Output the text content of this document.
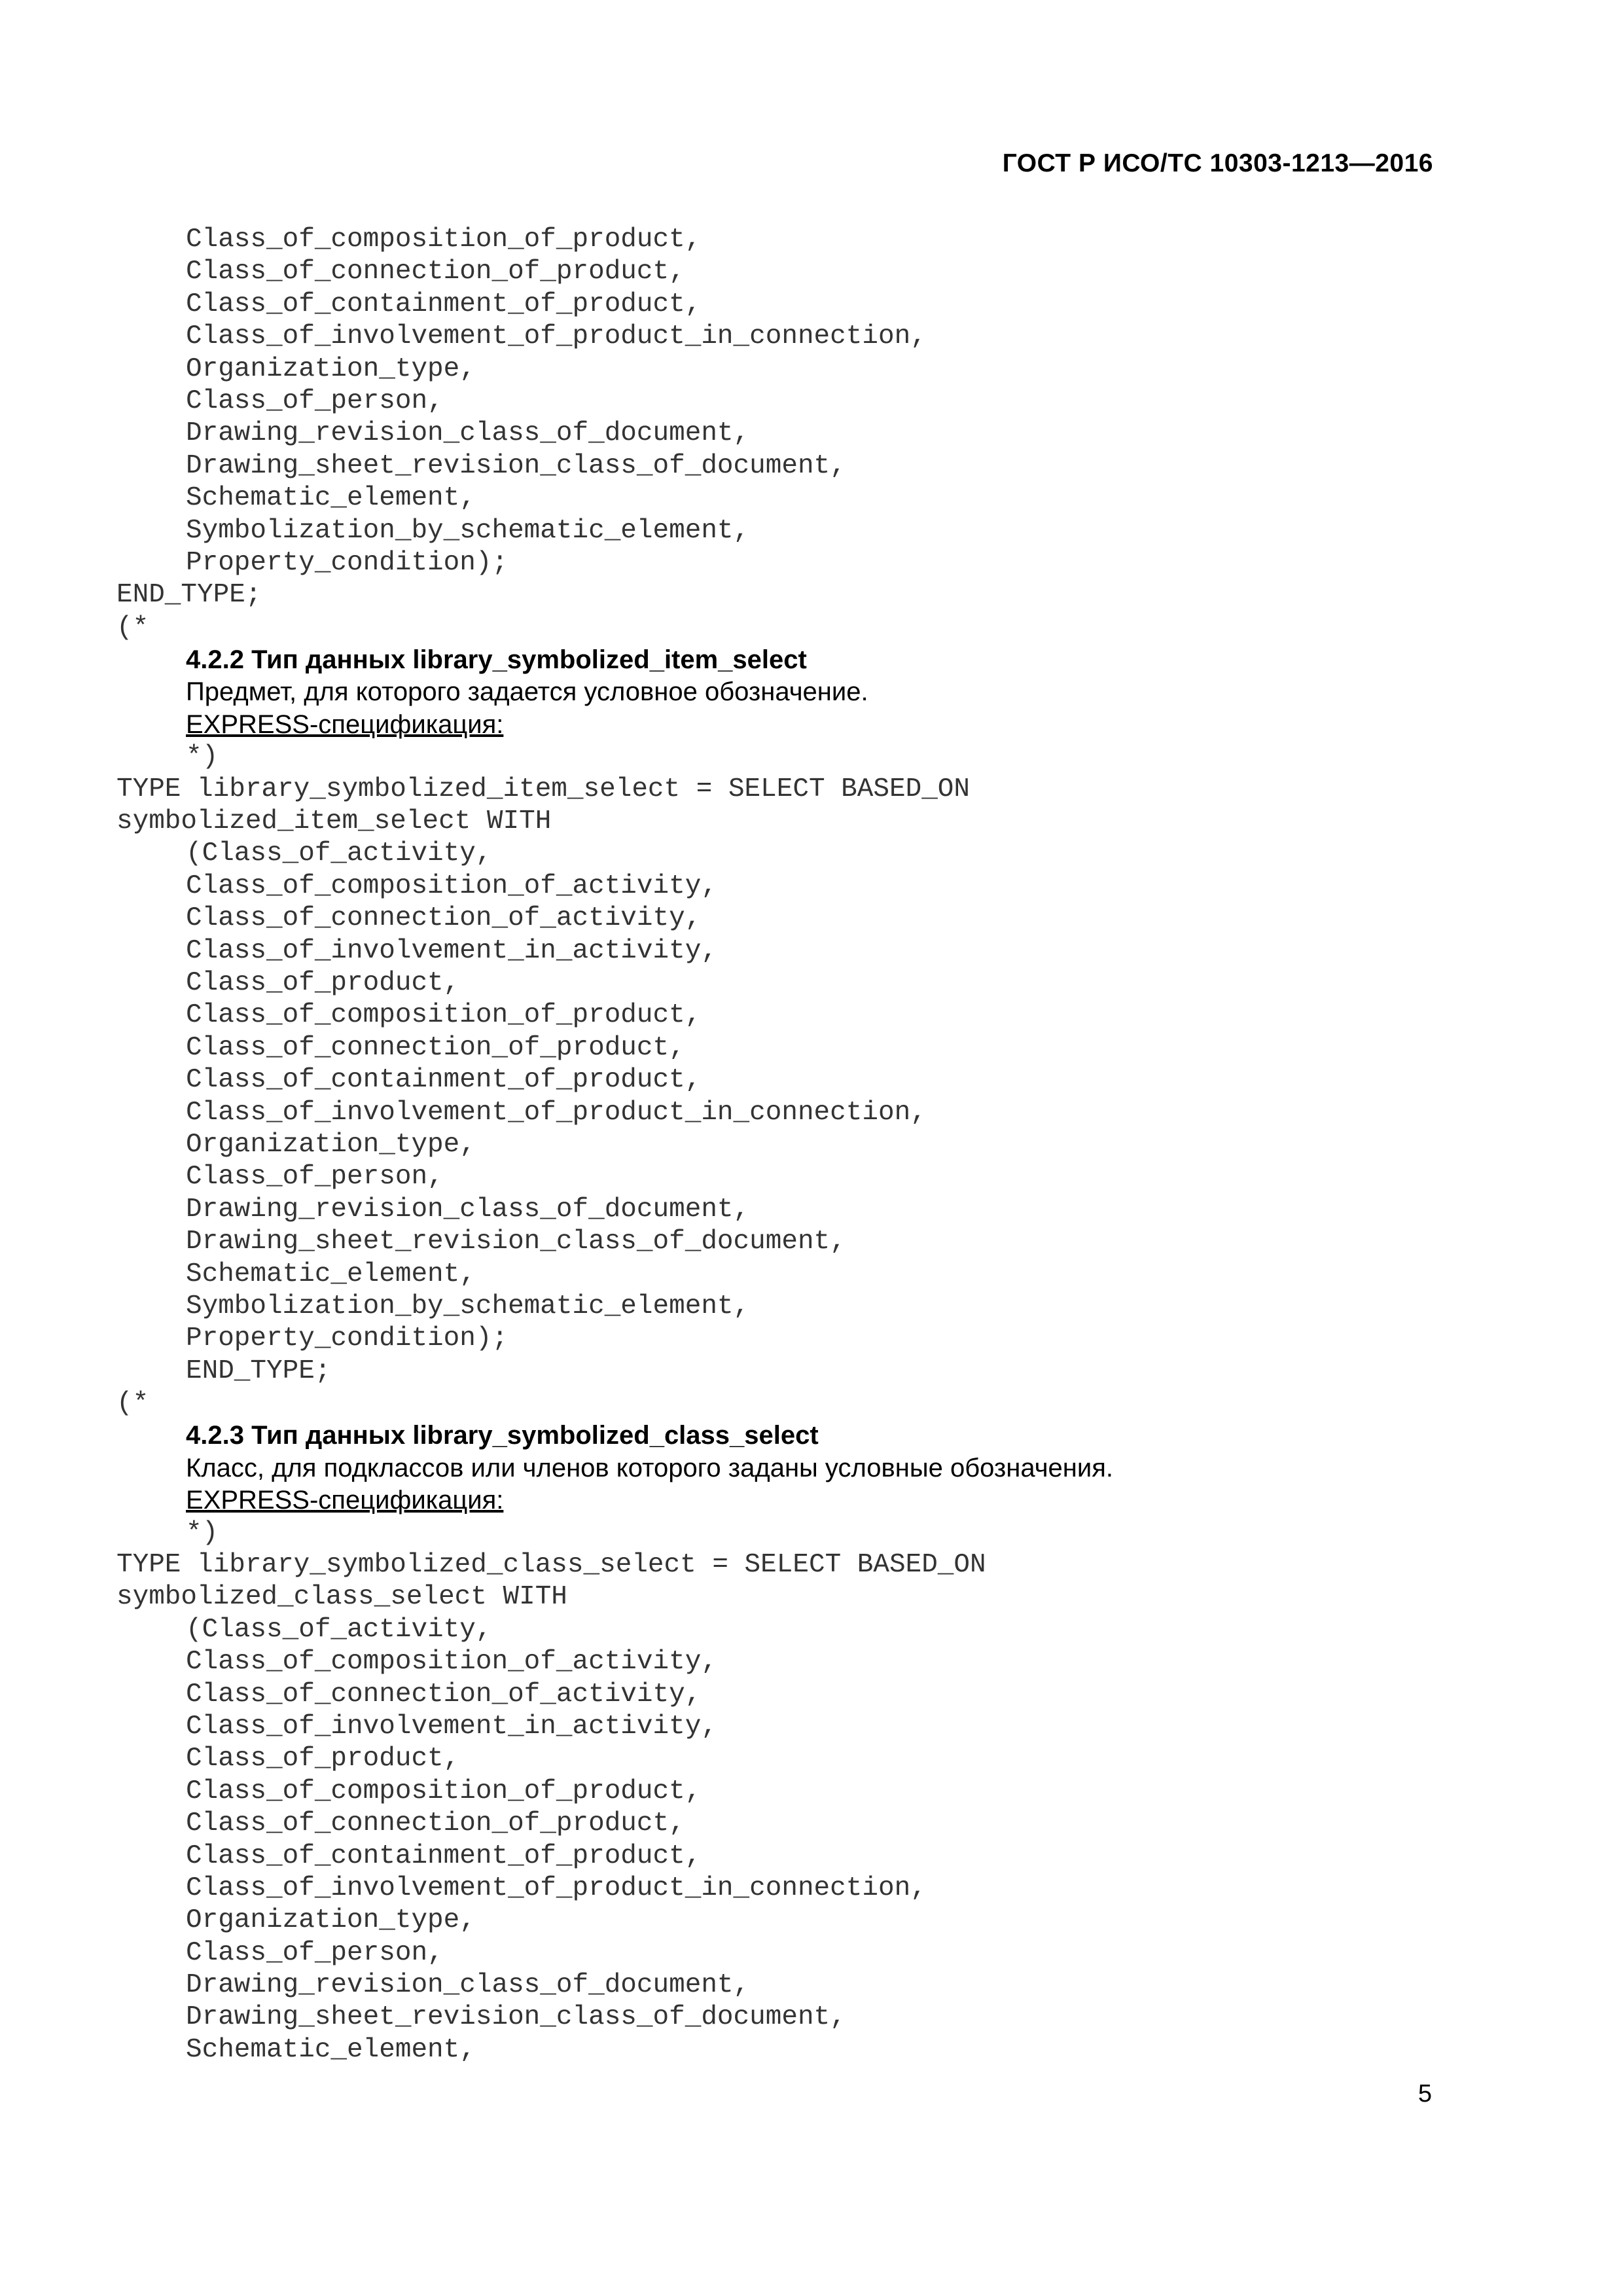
ГОСТ Р ИСО/ТС 10303-1213—2016
Class_of_composition_of_product,
Class_of_connection_of_product,
Class_of_containment_of_product,
Class_of_involvement_of_product_in_connection,
Organization_type,
Class_of_person,
Drawing_revision_class_of_document,
Drawing_sheet_revision_class_of_document,
Schematic_element,
Symbolization_by_schematic_element,
Property_condition);
END_TYPE;
(*
4.2.2 Тип данных library_symbolized_item_select
Предмет, для которого задается условное обозначение.
EXPRESS-спецификация:
*)
TYPE library_symbolized_item_select = SELECT BASED_ON
symbolized_item_select WITH
(Class_of_activity,
Class_of_composition_of_activity,
Class_of_connection_of_activity,
Class_of_involvement_in_activity,
Class_of_product,
Class_of_composition_of_product,
Class_of_connection_of_product,
Class_of_containment_of_product,
Class_of_involvement_of_product_in_connection,
Organization_type,
Class_of_person,
Drawing_revision_class_of_document,
Drawing_sheet_revision_class_of_document,
Schematic_element,
Symbolization_by_schematic_element,
Property_condition);
END_TYPE;
(*
4.2.3 Тип данных library_symbolized_class_select
Класс, для подклассов или членов которого заданы условные обозначения.
EXPRESS-спецификация:
*)
TYPE library_symbolized_class_select = SELECT BASED_ON
symbolized_class_select WITH
(Class_of_activity,
Class_of_composition_of_activity,
Class_of_connection_of_activity,
Class_of_involvement_in_activity,
Class_of_product,
Class_of_composition_of_product,
Class_of_connection_of_product,
Class_of_containment_of_product,
Class_of_involvement_of_product_in_connection,
Organization_type,
Class_of_person,
Drawing_revision_class_of_document,
Drawing_sheet_revision_class_of_document,
Schematic_element,
5
